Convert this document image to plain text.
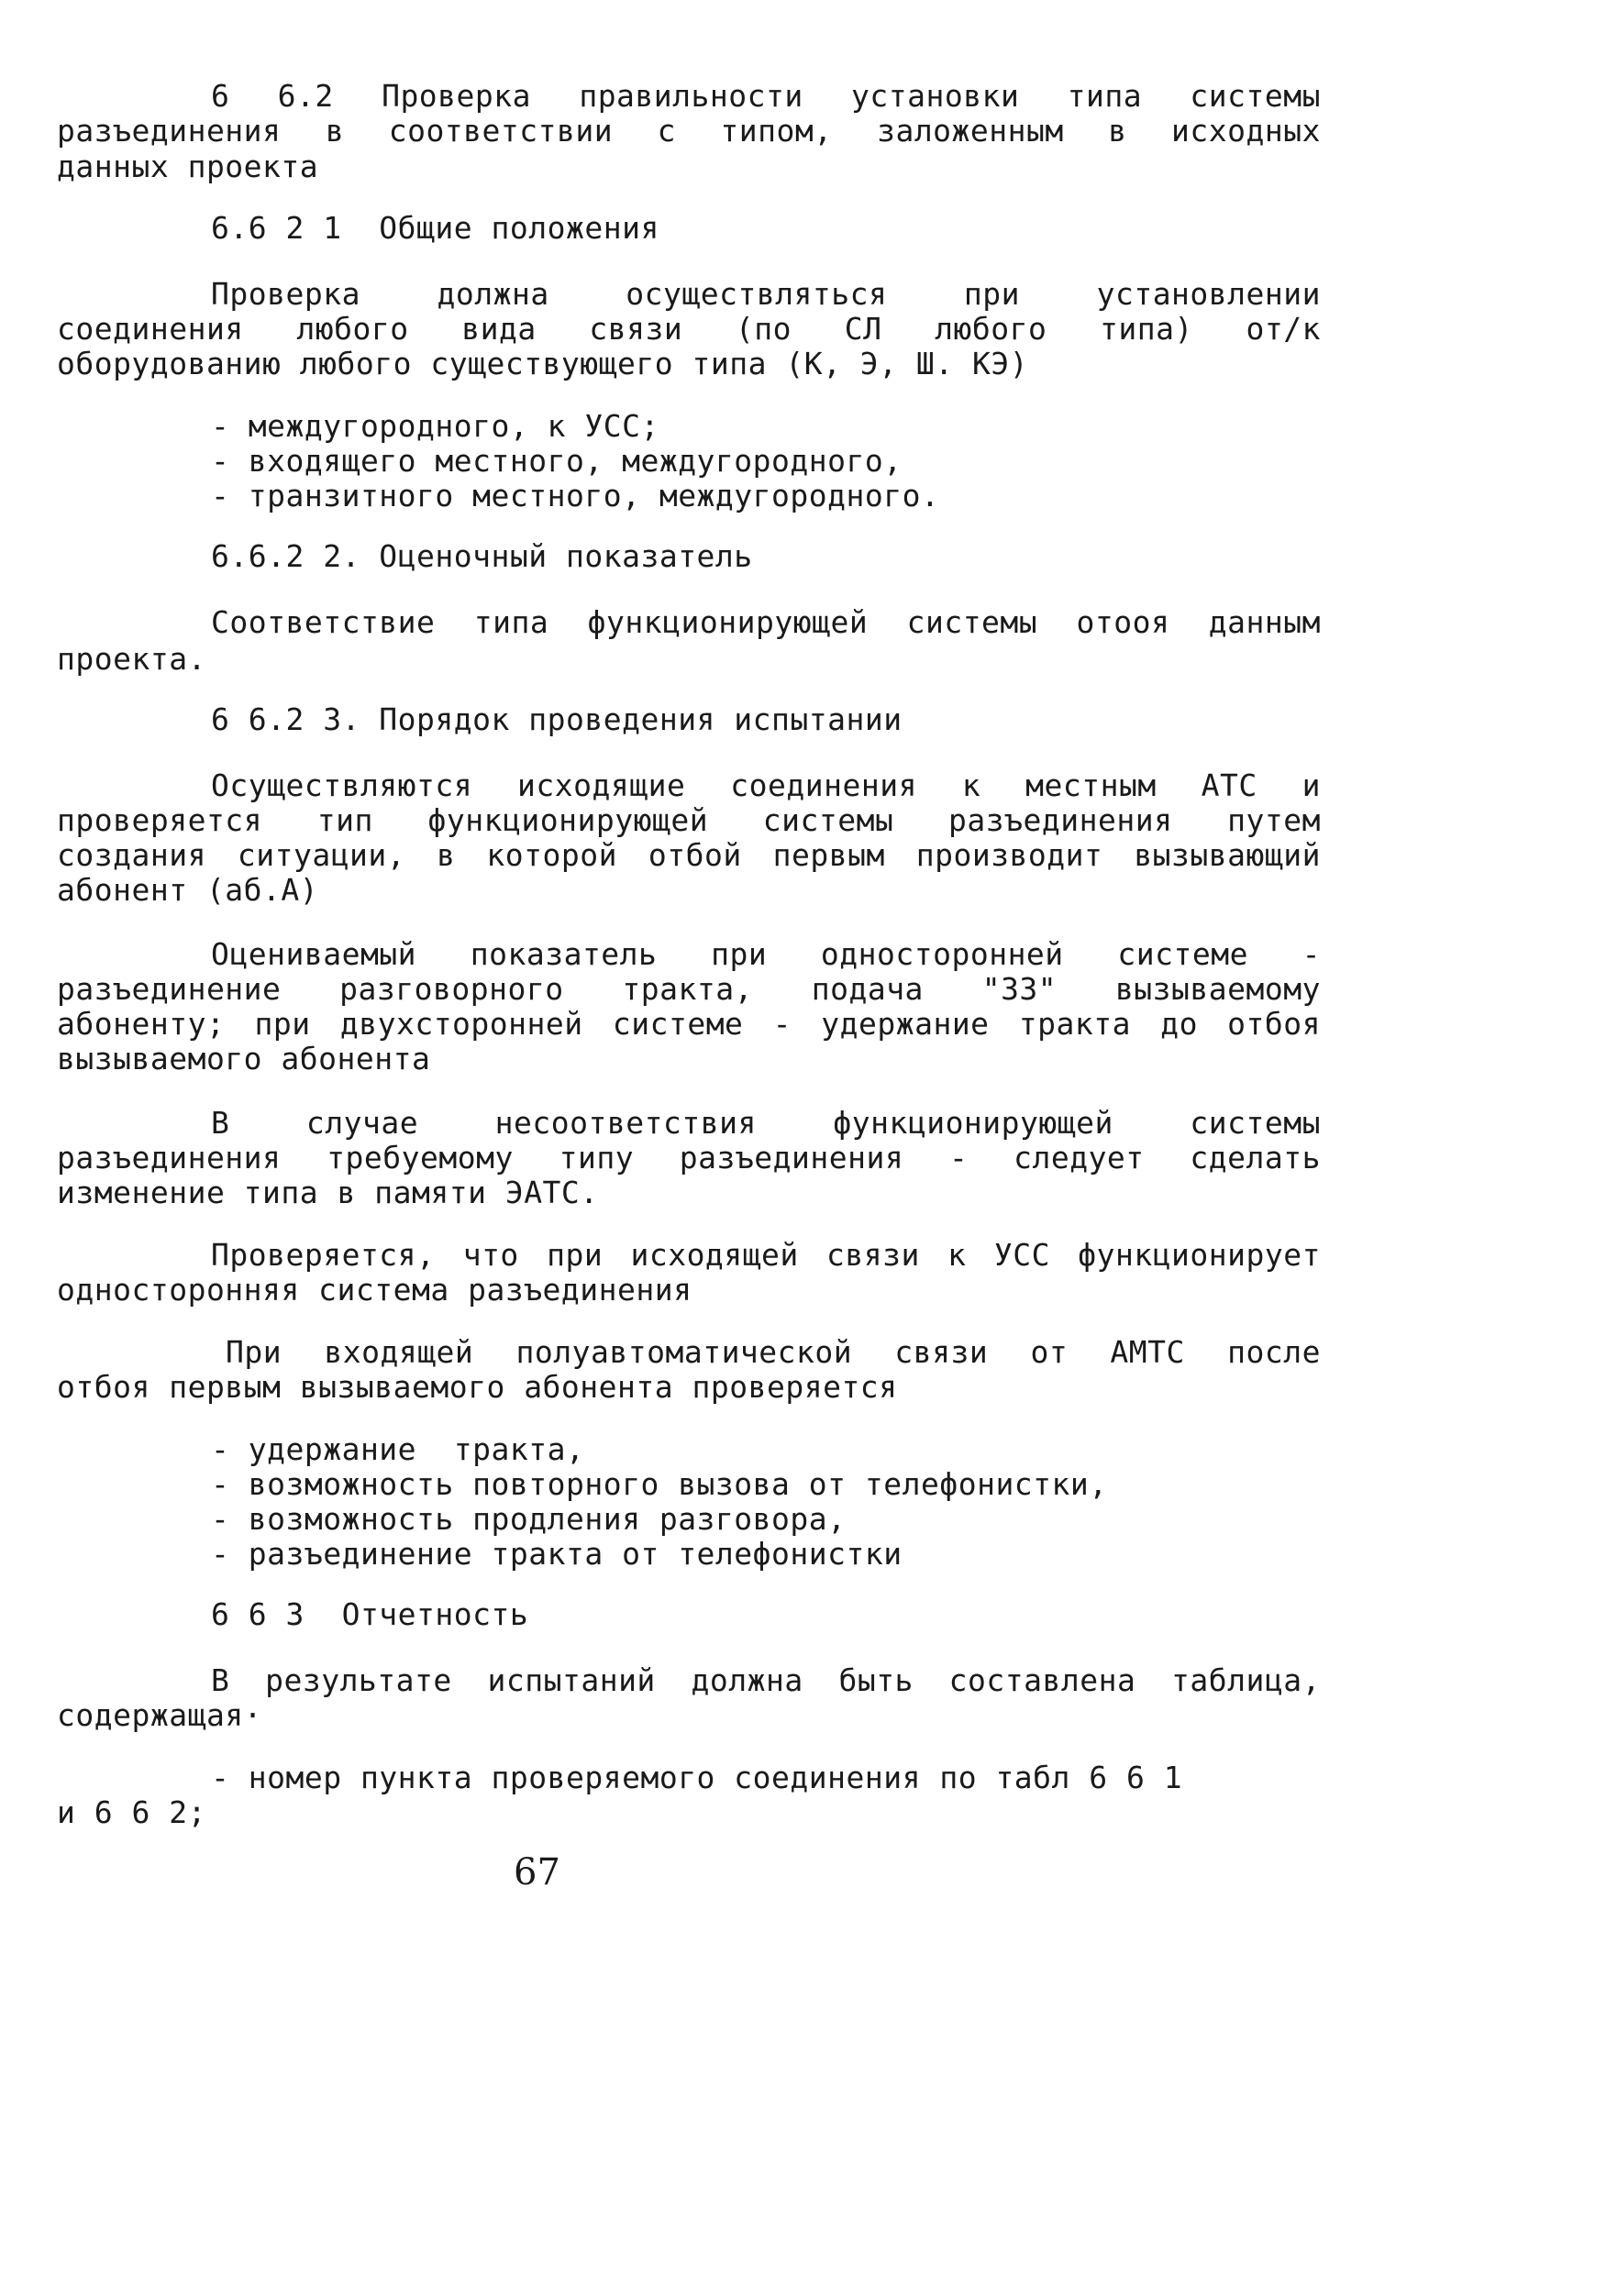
6 6.2 Проверка правильности установки типа системы
разъединения в соответствии с типом, заложенным в исходных
данных проекта
6.6 2 1  Общие положения
Проверка должна осуществляться при установлении
соединения любого вида связи (по СЛ любого типа) от/к
оборудованию любого существующего типа (К, Э, Ш. КЭ)
- междугородного, к УСС;
- входящего местного, междугородного,
- транзитного местного, междугородного.
6.6.2 2. Оценочный показатель
Соответствие типа функционирующей системы отооя данным
проекта.
6 6.2 3. Порядок проведения испытании
Осуществляются исходящие соединения к местным АТС и
проверяется тип функционирующей системы разъединения путем
создания ситуации, в которой отбой первым производит вызывающий
абонент (аб.А)
Оцениваемый показатель при односторонней системе -
разъединение разговорного тракта, подача "33" вызываемому
абоненту; при двухсторонней системе - удержание тракта до отбоя
вызываемого абонента
В случае несоответствия функционирующей системы
разъединения требуемому типу разъединения - следует сделать
изменение типа в памяти ЭАТС.
Проверяется, что при исходящей связи к УСС функционирует
односторонняя система разъединения
При входящей полуавтоматической связи от АМТС после
отбоя первым вызываемого абонента проверяется
- удержание  тракта,
- возможность повторного вызова от телефонистки,
- возможность продления разговора,
- разъединение тракта от телефонистки
6 6 3  Отчетность
В результате испытаний должна быть составлена таблица,
содержащая·
- номер пункта проверяемого соединения по табл 6 6 1
и 6 6 2;
67
